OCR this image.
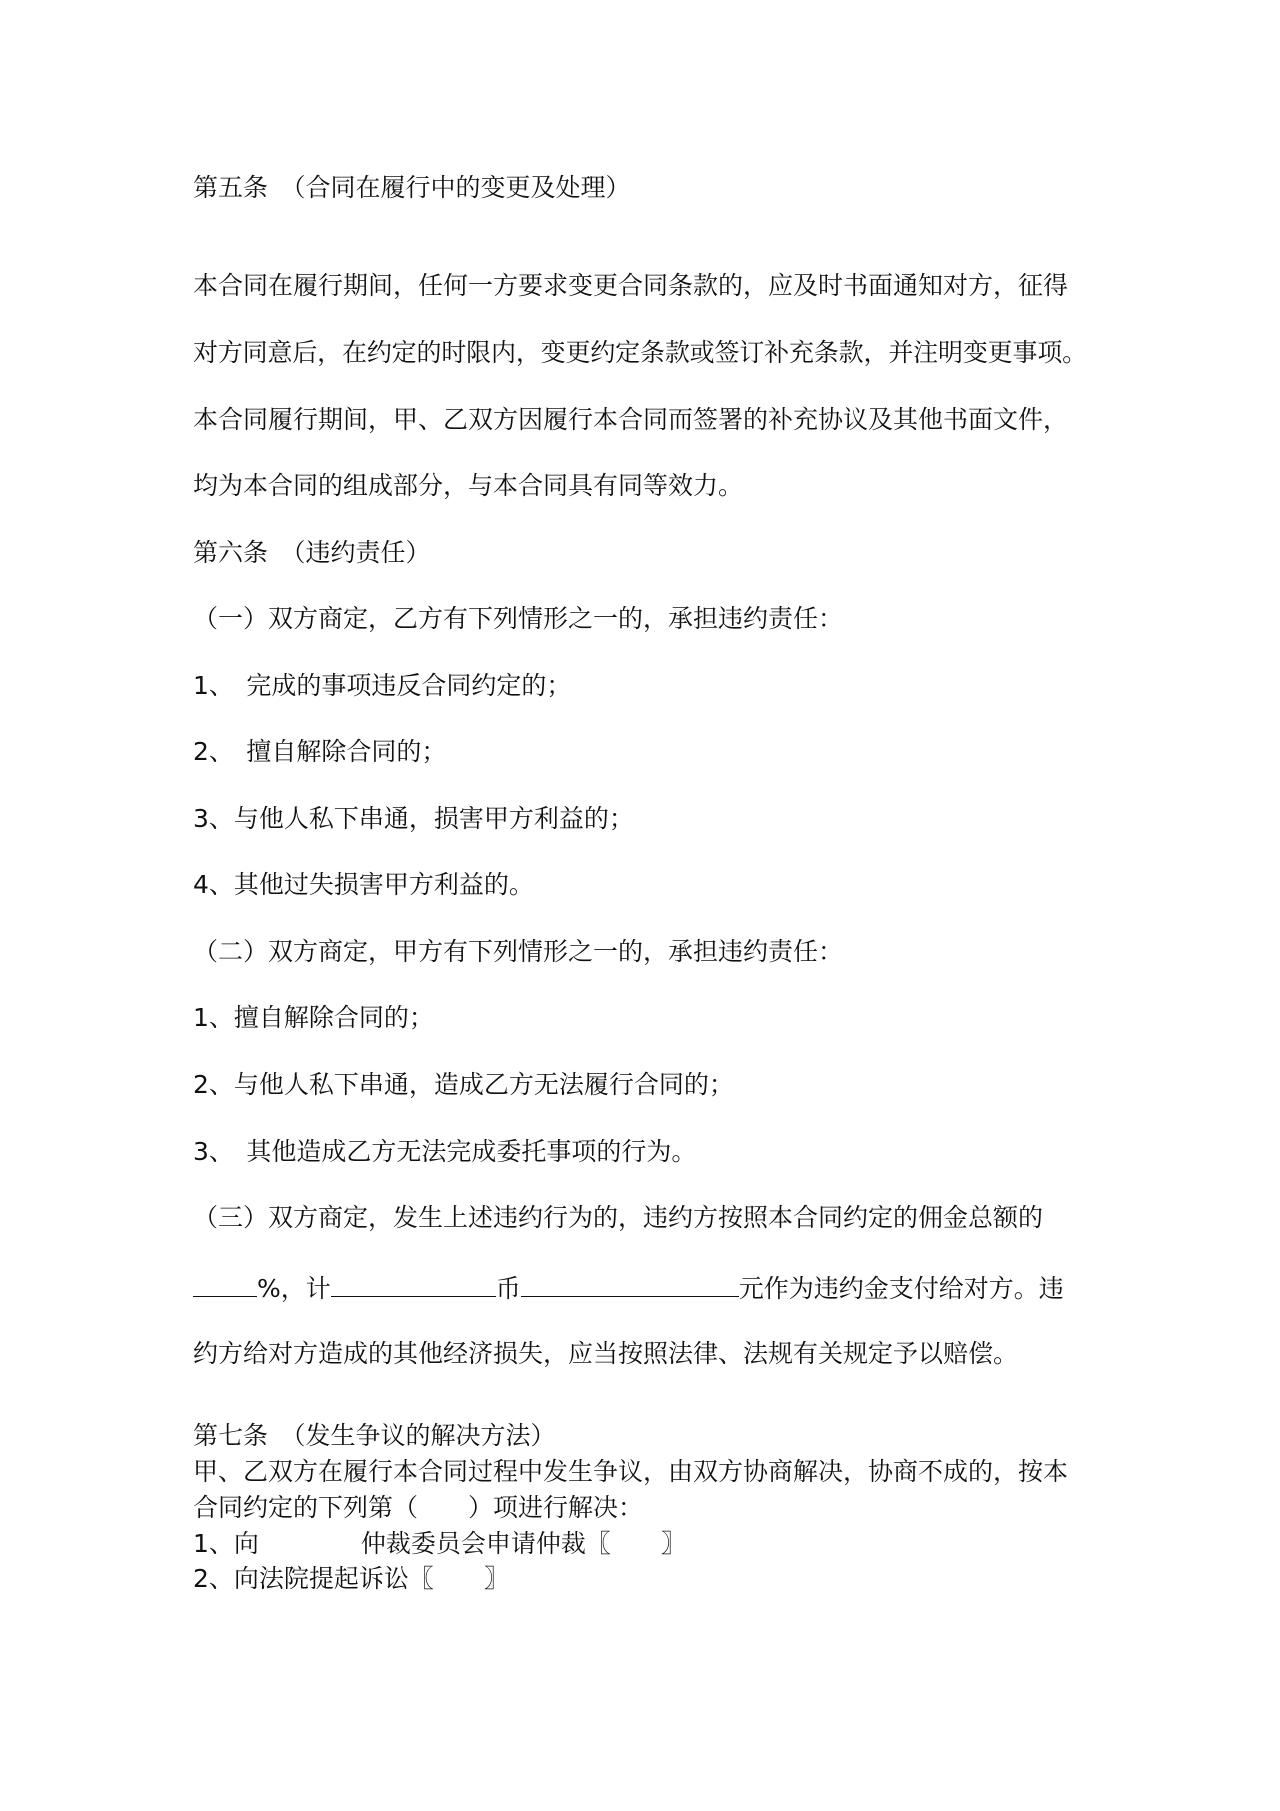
第五条　（合同在履行中的变更及处理）
本合同在履行期间，任何一方要求变更合同条款的，应及时书面通知对方，征得
对方同意后，在约定的时限内，变更约定条款或签订补充条款，并注明变更事项。
本合同履行期间，甲、乙双方因履行本合同而签署的补充协议及其他书面文件，
均为本合同的组成部分，与本合同具有同等效力。
第六条　（违约责任）
（一）双方商定，乙方有下列情形之一的，承担违约责任：
1、　完成的事项违反合同约定的；
2、　擅自解除合同的；
3、与他人私下串通，损害甲方利益的；
4、其他过失损害甲方利益的。
（二）双方商定，甲方有下列情形之一的，承担违约责任：
1、擅自解除合同的；
2、与他人私下串通，造成乙方无法履行合同的；
3、　其他造成乙方无法完成委托事项的行为。
（三）双方商定，发生上述违约行为的，违约方按照本合同约定的佣金总额的
%，计	币	元作为违约金支付给对方。违
约方给对方造成的其他经济损失，应当按照法律、法规有关规定予以赔偿。
第七条　（发生争议的解决方法）
甲、乙双方在履行本合同过程中发生争议，由双方协商解决，协商不成的，按本
合同约定的下列第（　　）项进行解决：
1、向	仲裁委员会申请仲裁〖　　〗
2、向法院提起诉讼〖　　〗
